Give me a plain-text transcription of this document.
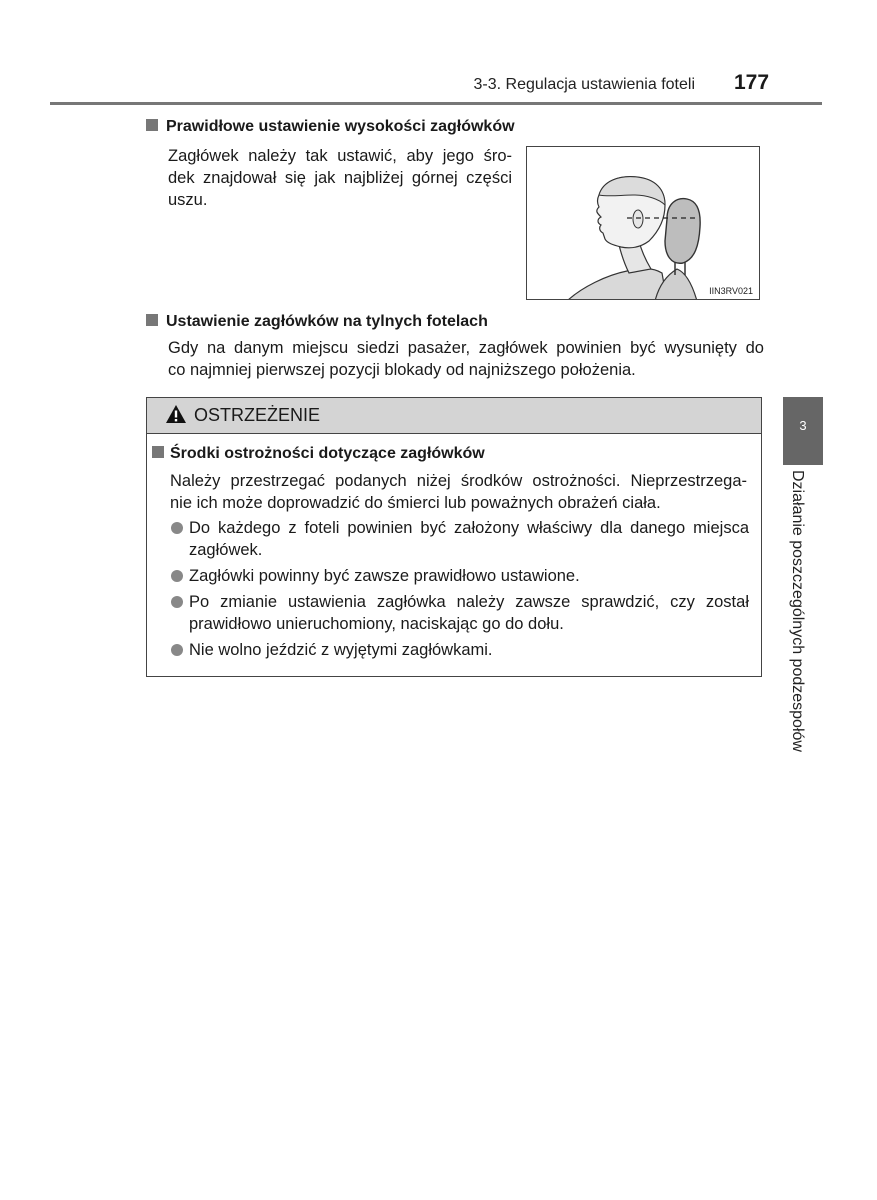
3-3. Regulacja ustawienia foteli 177
Prawidłowe ustawienie wysokości zagłówków
Zagłówek należy tak ustawić, aby jego śro-
dek znajdował się jak najbliżej górnej części
uszu.
IIN3RV021
Ustawienie zagłówków na tylnych fotelach
Gdy na danym miejscu siedzi pasażer, zagłówek powinien być wysunięty do
co najmniej pierwszej pozycji blokady od najniższego położenia.
OSTRZEŻENIE
Środki ostrożności dotyczące zagłówków
Należy przestrzegać podanych niżej środków ostrożności. Nieprzestrzega-
nie ich może doprowadzić do śmierci lub poważnych obrażeń ciała.
Do każdego z foteli powinien być założony właściwy dla danego miejsca zagłówek.
Zagłówki powinny być zawsze prawidłowo ustawione.
Po zmianie ustawienia zagłówka należy zawsze sprawdzić, czy został prawidłowo unieruchomiony, naciskając go do dołu.
Nie wolno jeździć z wyjętymi zagłówkami.
3
Działanie poszczególnych podzespołów
